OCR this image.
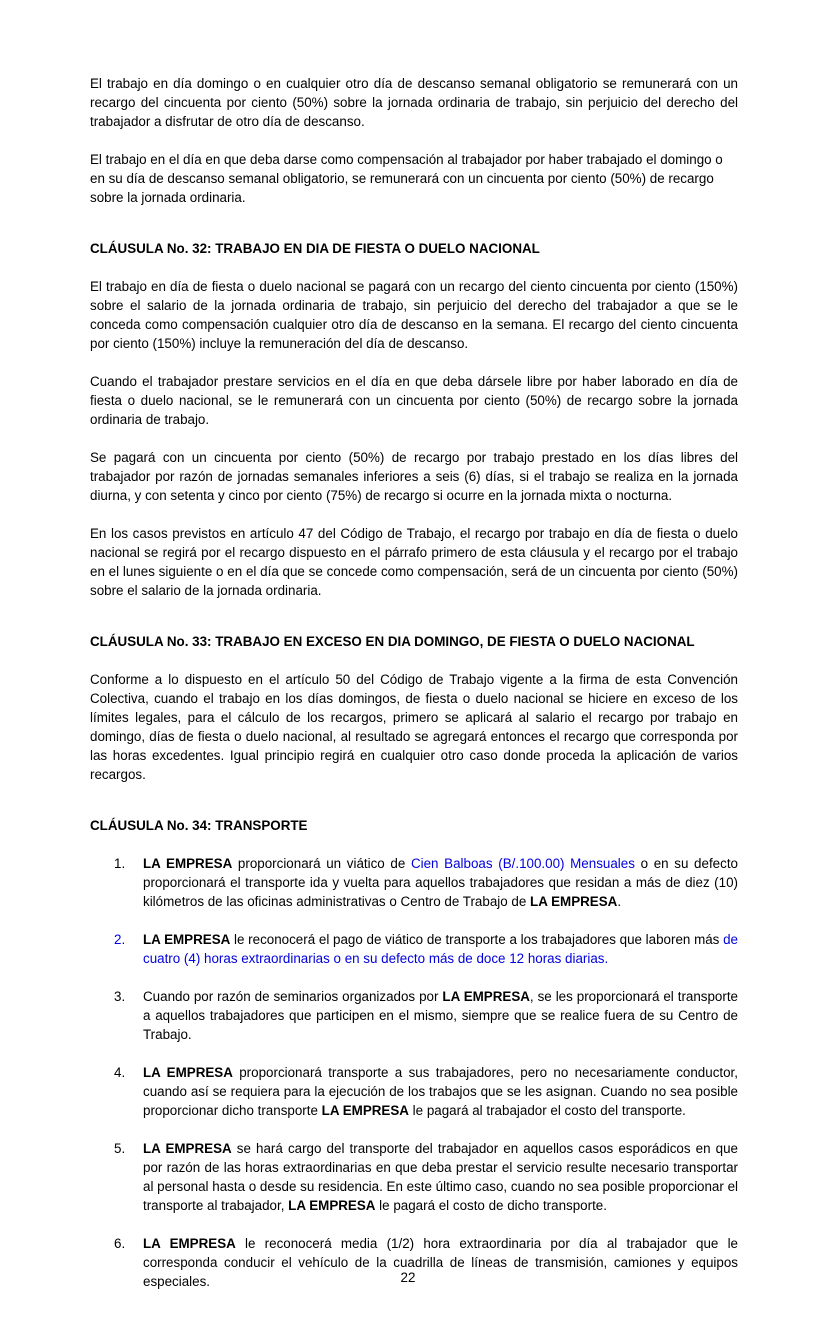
El trabajo en día domingo o en cualquier otro día de descanso semanal obligatorio se remunerará con un recargo del cincuenta por ciento (50%) sobre la jornada ordinaria de trabajo, sin perjuicio del derecho del trabajador a disfrutar de otro día de descanso.

El trabajo en el día en que deba darse como compensación al trabajador por haber trabajado el domingo o en su día de descanso semanal obligatorio, se remunerará con un cincuenta por ciento (50%) de recargo sobre la jornada ordinaria.

CLÁUSULA No. 32: TRABAJO EN DIA DE FIESTA O DUELO NACIONAL

El trabajo en día de fiesta o duelo nacional se pagará con un recargo del ciento cincuenta por ciento (150%) sobre el salario de la jornada ordinaria de trabajo, sin perjuicio del derecho del trabajador a que se le conceda como compensación cualquier otro día de descanso en la semana. El recargo del ciento cincuenta por ciento (150%) incluye la remuneración del día de descanso.

Cuando el trabajador prestare servicios en el día en que deba dársele libre por haber laborado en día de fiesta o duelo nacional, se le remunerará con un cincuenta por ciento (50%) de recargo sobre la jornada ordinaria de trabajo.

Se pagará con un cincuenta por ciento (50%) de recargo por trabajo prestado en los días libres del trabajador por razón de jornadas semanales inferiores a seis (6) días, si el trabajo se realiza en la jornada diurna, y con setenta y cinco por ciento (75%) de recargo si ocurre en la jornada mixta o nocturna.

En los casos previstos en artículo 47 del Código de Trabajo, el recargo por trabajo en día de fiesta o duelo nacional se regirá por el recargo dispuesto en el párrafo primero de esta cláusula y el recargo por el trabajo en el lunes siguiente o en el día que se concede como compensación, será de un cincuenta por ciento (50%) sobre el salario de la jornada ordinaria.

CLÁUSULA No. 33: TRABAJO EN EXCESO EN DIA DOMINGO, DE FIESTA O DUELO NACIONAL

Conforme a lo dispuesto en el artículo 50 del Código de Trabajo vigente a la firma de esta Convención Colectiva, cuando el trabajo en los días domingos, de fiesta o duelo nacional se hiciere en exceso de los límites legales, para el cálculo de los recargos, primero se aplicará al salario el recargo por trabajo en domingo, días de fiesta o duelo nacional, al resultado se agregará entonces el recargo que corresponda por las horas excedentes. Igual principio regirá en cualquier otro caso donde proceda la aplicación de varios recargos.

CLÁUSULA No. 34: TRANSPORTE
1.	LA EMPRESA proporcionará un viático de Cien Balboas (B/.100.00) Mensuales o en su defecto proporcionará el transporte ida y vuelta para aquellos trabajadores que residan a más de diez (10) kilómetros de las oficinas administrativas o Centro de Trabajo de LA EMPRESA.
2.	LA EMPRESA le reconocerá el pago de viático de transporte a los trabajadores que laboren más de cuatro (4) horas extraordinarias o en su defecto más de doce 12 horas diarias.
3.	Cuando por razón de seminarios organizados por LA EMPRESA, se les proporcionará el transporte a aquellos trabajadores que participen en el mismo, siempre que se realice fuera de su Centro de Trabajo.
4.	LA EMPRESA proporcionará transporte a sus trabajadores, pero no necesariamente conductor, cuando así se requiera para la ejecución de los trabajos que se les asignan. Cuando no sea posible proporcionar dicho transporte LA EMPRESA le pagará al trabajador el costo del transporte.
5.	LA EMPRESA se hará cargo del transporte del trabajador en aquellos casos esporádicos en que por razón de las horas extraordinarias en que deba prestar el servicio resulte necesario transportar al personal hasta o desde su residencia. En este último caso, cuando no sea posible proporcionar el transporte al trabajador, LA EMPRESA le pagará el costo de dicho transporte.
6.	LA EMPRESA le reconocerá media (1/2) hora extraordinaria por día al trabajador que le corresponda conducir el vehículo de la cuadrilla de líneas de transmisión, camiones y equipos especiales.	22
